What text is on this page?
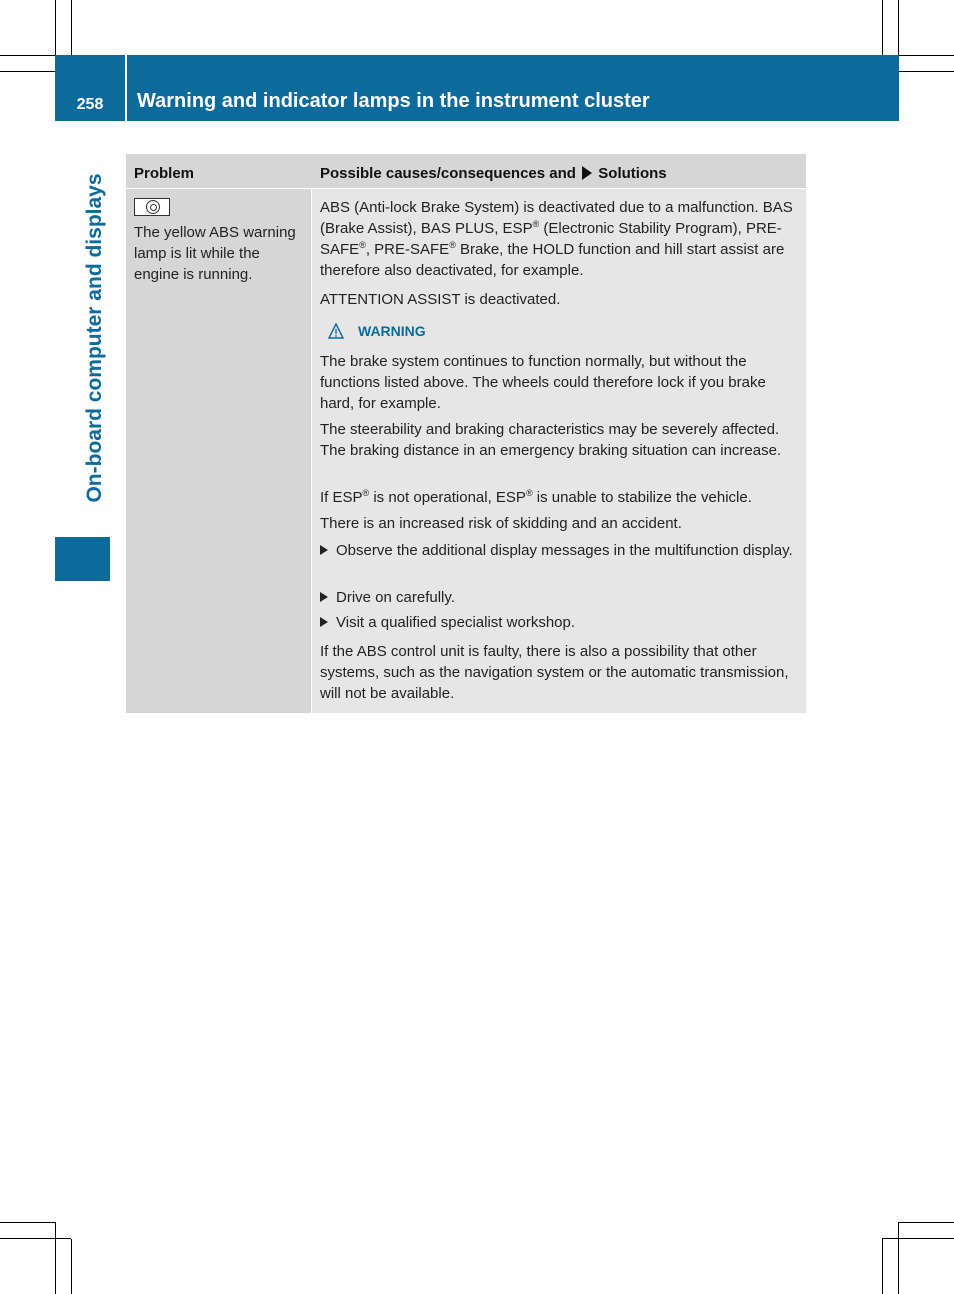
258	Warning and indicator lamps in the instrument cluster
On-board computer and displays Problem	Possible causes/consequences and Solutions
The yellow ABS warning lamp is lit while the engine is running.
ABS (Anti-lock Brake System) is deactivated due to a malfunction. BAS (Brake Assist), BAS PLUS, ESP® (Electronic Stability Program), PRE-SAFE®, PRE-SAFE® Brake, the HOLD function and hill start assist are therefore also deactivated, for example.
ATTENTION ASSIST is deactivated.
WARNING
The brake system continues to function normally, but without the functions listed above. The wheels could therefore lock if you brake hard, for example.
The steerability and braking characteristics may be severely affected. The braking distance in an emergency braking situation can increase.
If ESP® is not operational, ESP® is unable to stabilize the vehicle.
There is an increased risk of skidding and an accident.
Observe the additional display messages in the multifunction display.
Drive on carefully.
Visit a qualified specialist workshop.
If the ABS control unit is faulty, there is also a possibility that other systems, such as the navigation system or the automatic transmission, will not be available.
